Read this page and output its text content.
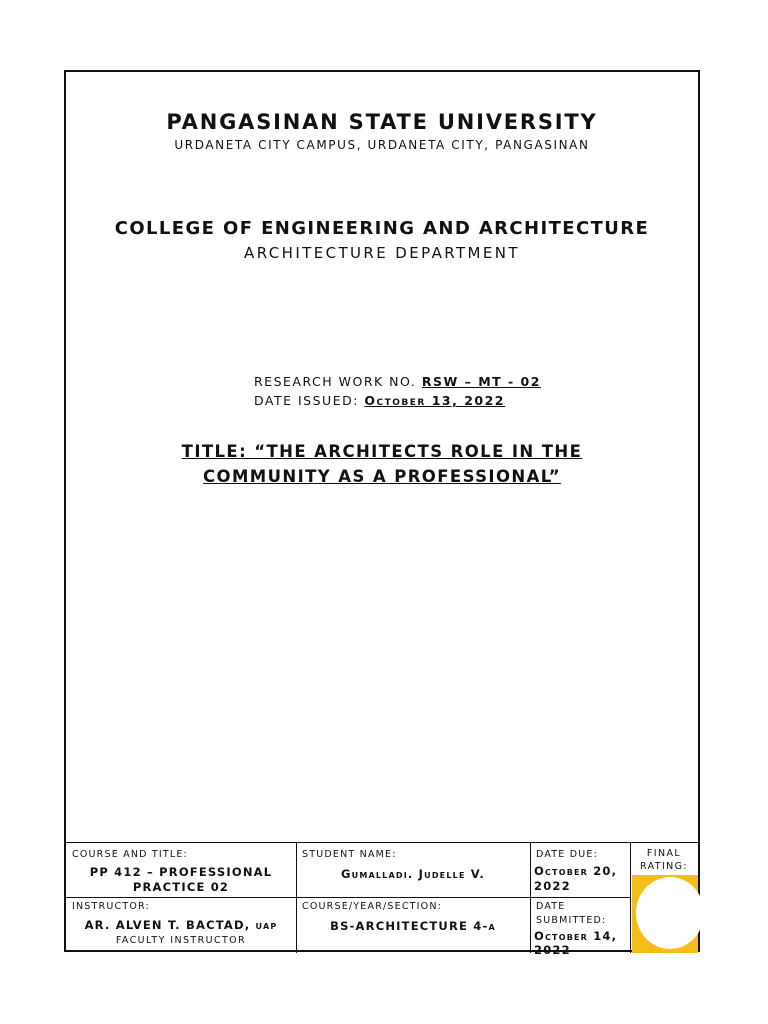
PANGASINAN STATE UNIVERSITY
URDANETA CITY CAMPUS, URDANETA CITY, PANGASINAN
COLLEGE OF ENGINEERING AND ARCHITECTURE
ARCHITECTURE DEPARTMENT
RESEARCH WORK NO. RSW – MT - 02
DATE ISSUED: October 13, 2022
TITLE: “THE ARCHITECTS ROLE IN THE
COMMUNITY AS A PROFESSIONAL”
COURSE AND TITLE:
PP 412 – PROFESSIONAL
PRACTICE 02
STUDENT NAME:
Gumalladi. Judelle V.
DATE DUE:
October 20,
2022
FINAL
RATING:
INSTRUCTOR:
AR. ALVEN T. BACTAD, uap
FACULTY INSTRUCTOR
COURSE/YEAR/SECTION:
BS-ARCHITECTURE 4-a
DATE
SUBMITTED:
October 14,
2022
